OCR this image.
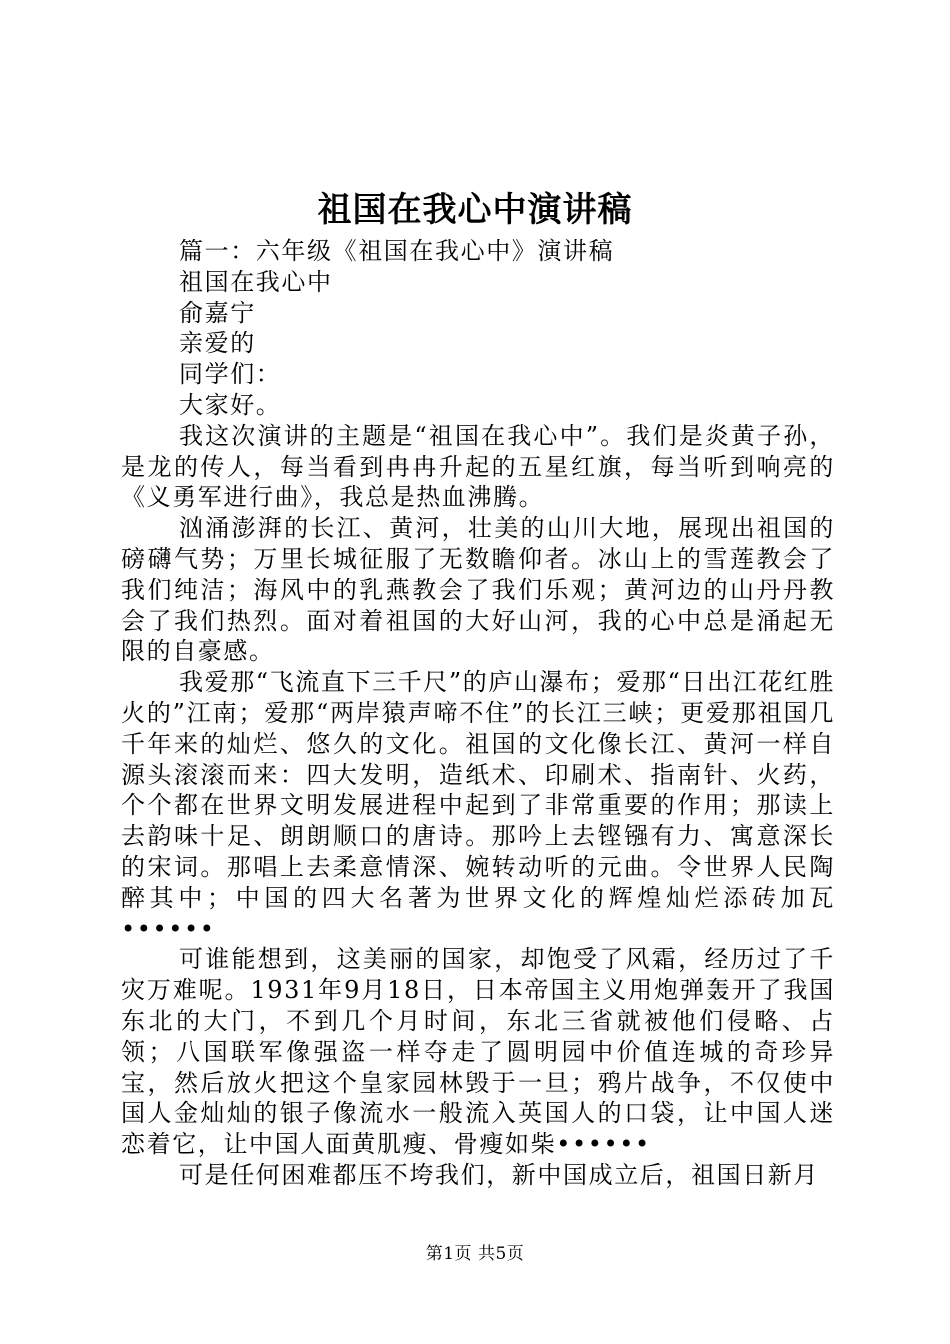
祖国在我心中演讲稿

篇一：六年级《祖国在我心中》演讲稿

祖国在我心中

俞嘉宁

亲爱的

同学们：

大家好。

我这次演讲的主题是“祖国在我心中”。我们是炎黄子孙，是龙的传人，每当看到冉冉升起的五星红旗，每当听到响亮的《义勇军进行曲》，我总是热血沸腾。

汹涌澎湃的长江、黄河，壮美的山川大地，展现出祖国的磅礴气势；万里长城征服了无数瞻仰者。冰山上的雪莲教会了我们纯洁；海风中的乳燕教会了我们乐观；黄河边的山丹丹教会了我们热烈。面对着祖国的大好山河，我的心中总是涌起无限的自豪感。

我爱那“飞流直下三千尺”的庐山瀑布；爱那“日出江花红胜火的”江南；爱那“两岸猿声啼不住”的长江三峡；更爱那祖国几千年来的灿烂、悠久的文化。祖国的文化像长江、黄河一样自源头滚滚而来：四大发明，造纸术、印刷术、指南针、火药，个个都在世界文明发展进程中起到了非常重要的作用；那读上去韵味十足、朗朗顺口的唐诗。那吟上去铿镪有力、寓意深长的宋词。那唱上去柔意情深、婉转动听的元曲。令世界人民陶醉其中；中国的四大名著为世界文化的辉煌灿烂添砖加瓦••••••

可谁能想到，这美丽的国家，却饱受了风霜，经历过了千灾万难呢。1931年9月18日，日本帝国主义用炮弹轰开了我国东北的大门，不到几个月时间，东北三省就被他们侵略、占领；八国联军像强盗一样夺走了圆明园中价值连城的奇珍异宝，然后放火把这个皇家园林毁于一旦；鸦片战争，不仅使中国人金灿灿的银子像流水一般流入英国人的口袋，让中国人迷恋着它，让中国人面黄肌瘦、骨瘦如柴••••••

可是任何困难都压不垮我们，新中国成立后，祖国日新月

第1页 共5页
